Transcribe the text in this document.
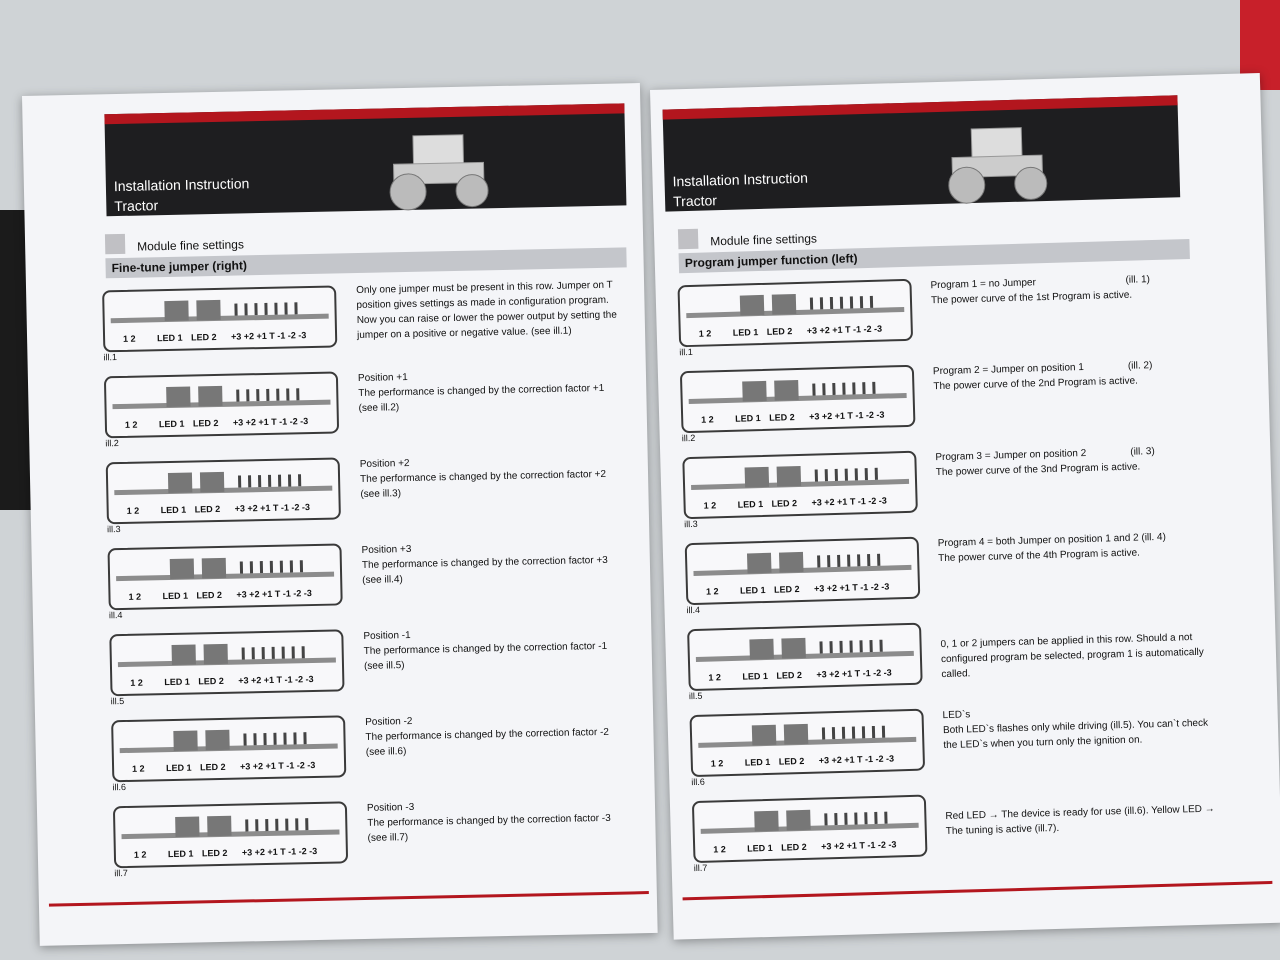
Installation Instruction
Tractor
Module fine settings
Fine-tune jumper (right)
Only one jumper must be present in this row. Jumper on T position gives settings as made in configuration program. Now you can raise or lower the power output by setting the jumper on a positive or negative value. (see ill.1)
1 2 LED 1 LED 2 +3 +2 +1 T -1 -2 -3
ill.1
1 2 LED 1 LED 2 +3 +2 +1 T -1 -2 -3
ill.2
Position +1
The performance is changed by the correction factor +1
(see ill.2)
1 2 LED 1 LED 2 +3 +2 +1 T -1 -2 -3
ill.3
Position +2
The performance is changed by the correction factor +2
(see ill.3)
1 2 LED 1 LED 2 +3 +2 +1 T -1 -2 -3
ill.4
Position +3
The performance is changed by the correction factor +3
(see ill.4)
1 2 LED 1 LED 2 +3 +2 +1 T -1 -2 -3
ill.5
Position -1
The performance is changed by the correction factor -1
(see ill.5)
1 2 LED 1 LED 2 +3 +2 +1 T -1 -2 -3
ill.6
Position -2
The performance is changed by the correction factor -2
(see ill.6)
1 2 LED 1 LED 2 +3 +2 +1 T -1 -2 -3
ill.7
Position -3
The performance is changed by the correction factor -3
(see ill.7)
Installation Instruction
Tractor
Module fine settings
Program jumper function (left)
1 2 LED 1 LED 2 +3 +2 +1 T -1 -2 -3
ill.1
Program 1 = no Jumper	(ill. 1)
The power curve of the 1st Program is active.
1 2 LED 1 LED 2 +3 +2 +1 T -1 -2 -3
ill.2
Program 2 = Jumper on position 1	(ill. 2)
The power curve of the 2nd Program is active.
1 2 LED 1 LED 2 +3 +2 +1 T -1 -2 -3
ill.3
Program 3 = Jumper on position 2	(ill. 3)
The power curve of the 3nd Program is active.
1 2 LED 1 LED 2 +3 +2 +1 T -1 -2 -3
ill.4
Program 4 = both Jumper on position 1 and 2 (ill. 4)
The power curve of the 4th Program is active.
1 2 LED 1 LED 2 +3 +2 +1 T -1 -2 -3
ill.5
0, 1 or 2 jumpers can be applied in this row. Should a not configured program be selected, program 1 is automatically called.
1 2 LED 1 LED 2 +3 +2 +1 T -1 -2 -3
ill.6
LED`s
Both LED`s flashes only while driving (ill.5). You can`t check the LED`s when you turn only the ignition on.
1 2 LED 1 LED 2 +3 +2 +1 T -1 -2 -3
ill.7
Red LED → The device is ready for use (ill.6). Yellow LED → The tuning is active (ill.7).
